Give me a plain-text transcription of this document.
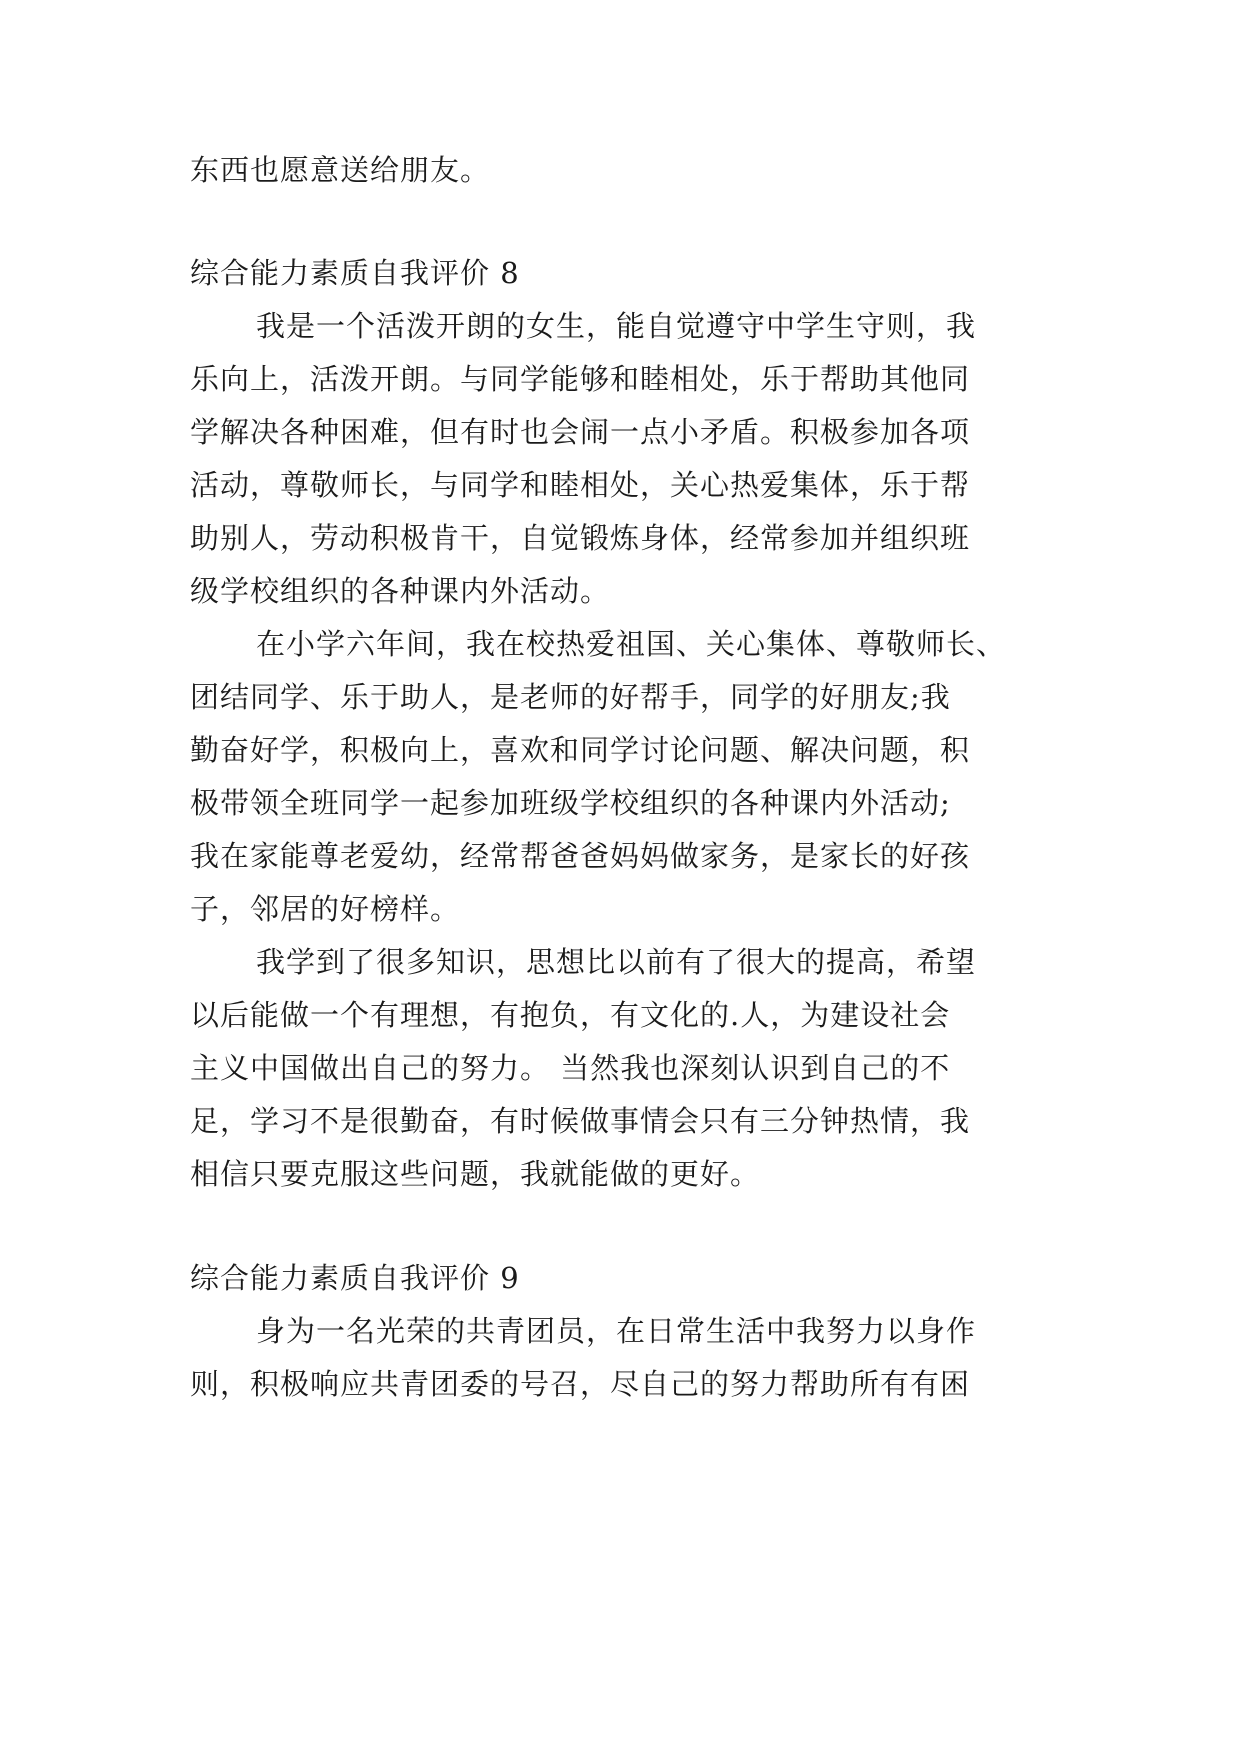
东西也愿意送给朋友。
综合能力素质自我评价 8
我是一个活泼开朗的女生，能自觉遵守中学生守则，我
乐向上，活泼开朗。与同学能够和睦相处，乐于帮助其他同
学解决各种困难，但有时也会闹一点小矛盾。积极参加各项
活动，尊敬师长，与同学和睦相处，关心热爱集体，乐于帮
助别人，劳动积极肯干，自觉锻炼身体，经常参加并组织班
级学校组织的各种课内外活动。
在小学六年间，我在校热爱祖国、关心集体、尊敬师长、
团结同学、乐于助人，是老师的好帮手，同学的好朋友;我
勤奋好学，积极向上，喜欢和同学讨论问题、解决问题，积
极带领全班同学一起参加班级学校组织的各种课内外活动;
我在家能尊老爱幼，经常帮爸爸妈妈做家务，是家长的好孩
子，邻居的好榜样。
我学到了很多知识，思想比以前有了很大的提高，希望
以后能做一个有理想，有抱负，有文化的.人，为建设社会
主义中国做出自己的努力。 当然我也深刻认识到自己的不
足，学习不是很勤奋，有时候做事情会只有三分钟热情，我
相信只要克服这些问题，我就能做的更好。
综合能力素质自我评价 9
身为一名光荣的共青团员，在日常生活中我努力以身作
则，积极响应共青团委的号召，尽自己的努力帮助所有有困
